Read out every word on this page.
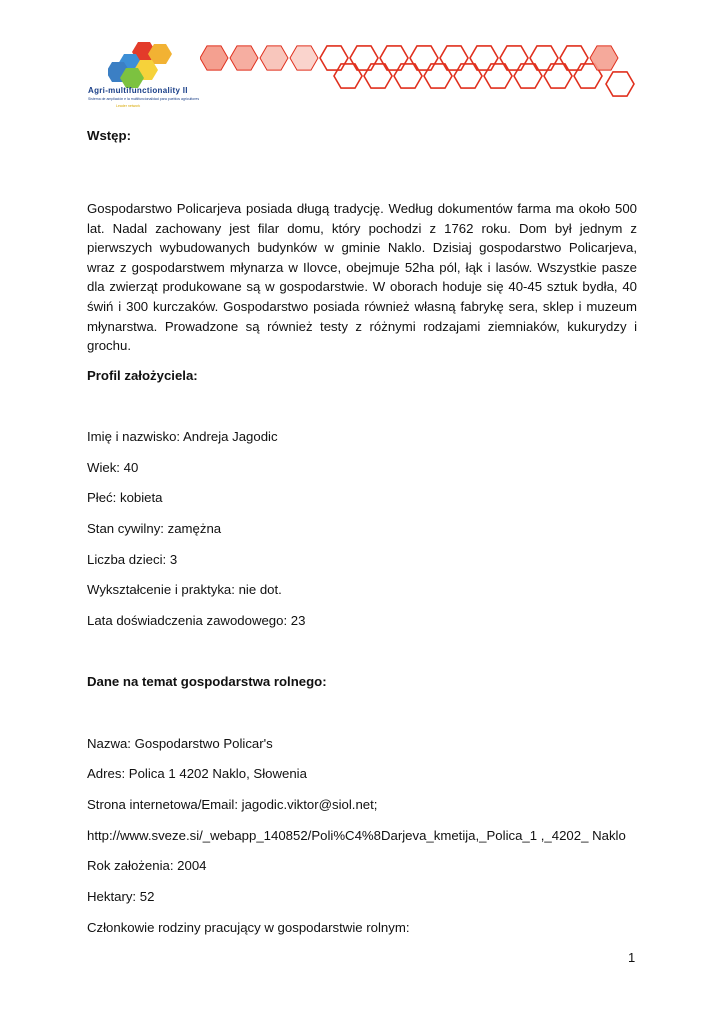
Agri-multifunctionality II
Sistema de ampliación e la multifuncionalidad para pueblos agricultores
Leader network

Wstęp:

Gospodarstwo Policarjeva posiada długą tradycję. Według dokumentów farma ma około 500 lat. Nadal zachowany jest filar domu, który pochodzi z 1762 roku. Dom był jednym z pierwszych wybudowanych budynków w gminie Naklo. Dzisiaj gospodarstwo Policarjeva, wraz z gospodarstwem młynarza w Ilovce, obejmuje 52ha pól, łąk i lasów. Wszystkie pasze dla zwierząt produkowane są w gospodarstwie. W oborach hoduje się 40-45 sztuk bydła, 40 świń i 300 kurczaków. Gospodarstwo posiada również własną fabrykę sera, sklep i muzeum młynarstwa. Prowadzone są również testy z różnymi rodzajami ziemniaków, kukurydzy i grochu.

Profil założyciela:

Imię i nazwisko: Andreja Jagodic

Wiek: 40

Płeć: kobieta

Stan cywilny: zamężna

Liczba dzieci: 3

Wykształcenie i praktyka: nie dot.

Lata doświadczenia zawodowego: 23

Dane na temat gospodarstwa rolnego:

Nazwa: Gospodarstwo Policar's

Adres: Polica 1 4202 Naklo, Słowenia

Strona internetowa/Email: jagodic.viktor@siol.net;

http://www.sveze.si/_webapp_140852/Poli%C4%8Darjeva_kmetija,_Polica_1 ,_4202_ Naklo

Rok założenia: 2004

Hektary: 52

Członkowie rodziny pracujący w gospodarstwie rolnym:

1
